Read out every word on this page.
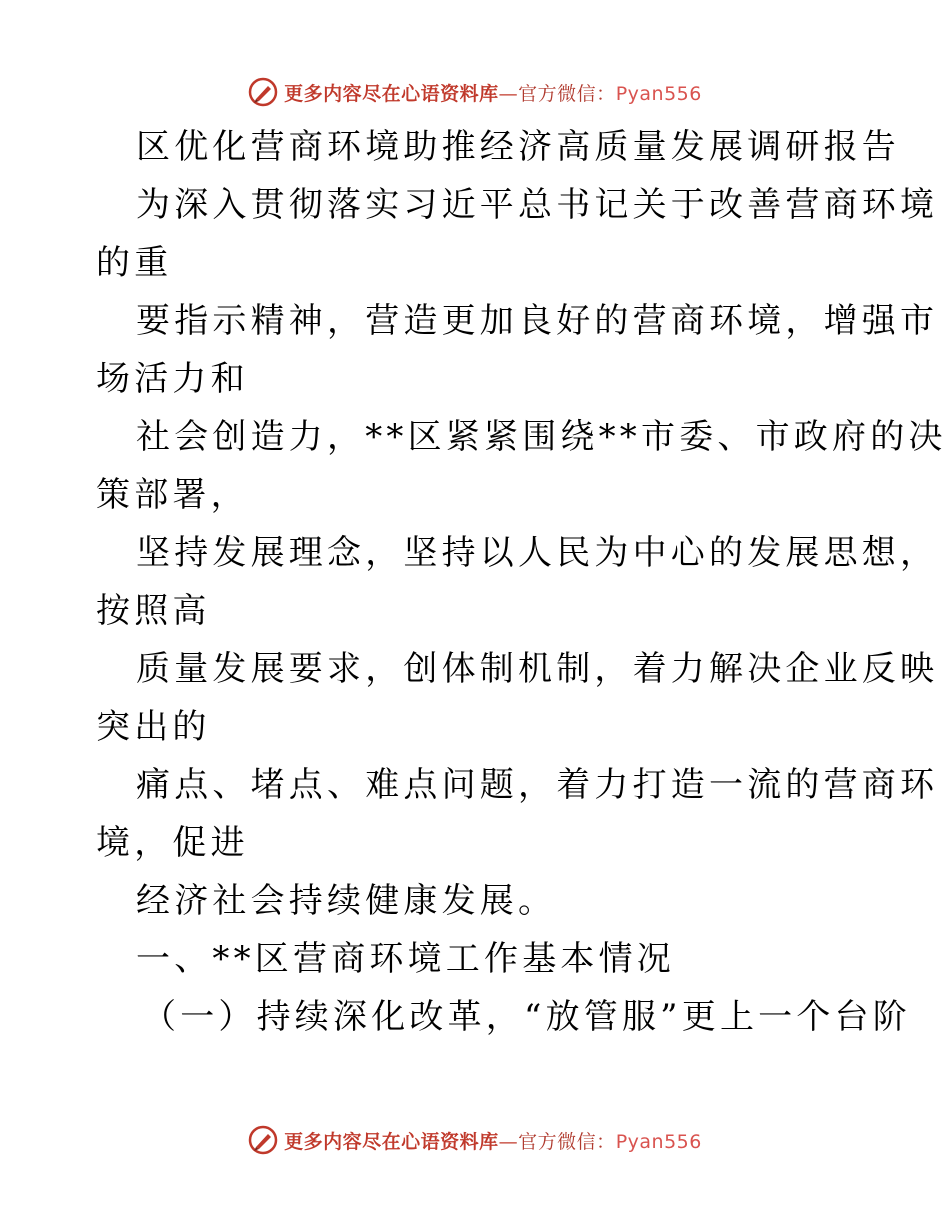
更多内容尽在心语资料库—官方微信：Pyan556
区优化营商环境助推经济高质量发展调研报告
为深入贯彻落实习近平总书记关于改善营商环境
的重
要指示精神，营造更加良好的营商环境，增强市
场活力和
社会创造力，**区紧紧围绕**市委、市政府的决
策部署，
坚持发展理念，坚持以人民为中心的发展思想，
按照高
质量发展要求，创体制机制，着力解决企业反映
突出的
痛点、堵点、难点问题，着力打造一流的营商环
境，促进
经济社会持续健康发展。
一、**区营商环境工作基本情况
（一）持续深化改革，“放管服”更上一个台阶
更多内容尽在心语资料库—官方微信：Pyan556
